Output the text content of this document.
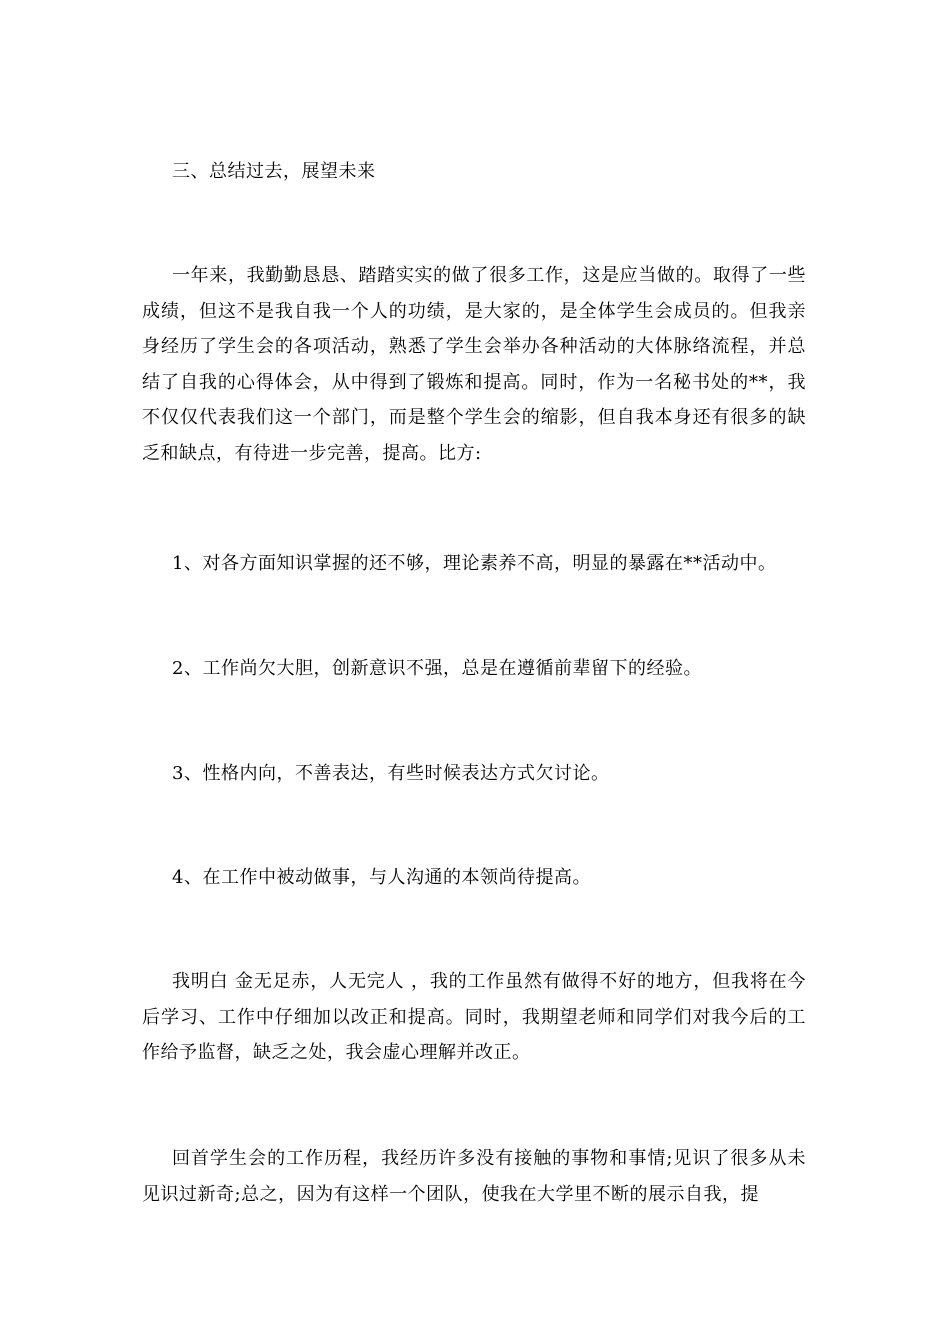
三、总结过去，展望未来

一年来，我勤勤恳恳、踏踏实实的做了很多工作，这是应当做的。取得了一些成绩，但这不是我自我一个人的功绩，是大家的，是全体学生会成员的。但我亲身经历了学生会的各项活动，熟悉了学生会举办各种活动的大体脉络流程，并总结了自我的心得体会，从中得到了锻炼和提高。同时，作为一名秘书处的**，我不仅仅代表我们这一个部门，而是整个学生会的缩影，但自我本身还有很多的缺乏和缺点，有待进一步完善，提高。比方:

1、对各方面知识掌握的还不够，理论素养不高，明显的暴露在**活动中。

2、工作尚欠大胆，创新意识不强，总是在遵循前辈留下的经验。

3、性格内向，不善表达，有些时候表达方式欠讨论。

4、在工作中被动做事，与人沟通的本领尚待提高。

我明白 金无足赤，人无完人 ，我的工作虽然有做得不好的地方，但我将在今后学习、工作中仔细加以改正和提高。同时，我期望老师和同学们对我今后的工作给予监督，缺乏之处，我会虚心理解并改正。

回首学生会的工作历程，我经历许多没有接触的事物和事情;见识了很多从未见识过新奇;总之，因为有这样一个团队，使我在大学里不断的展示自我，提
